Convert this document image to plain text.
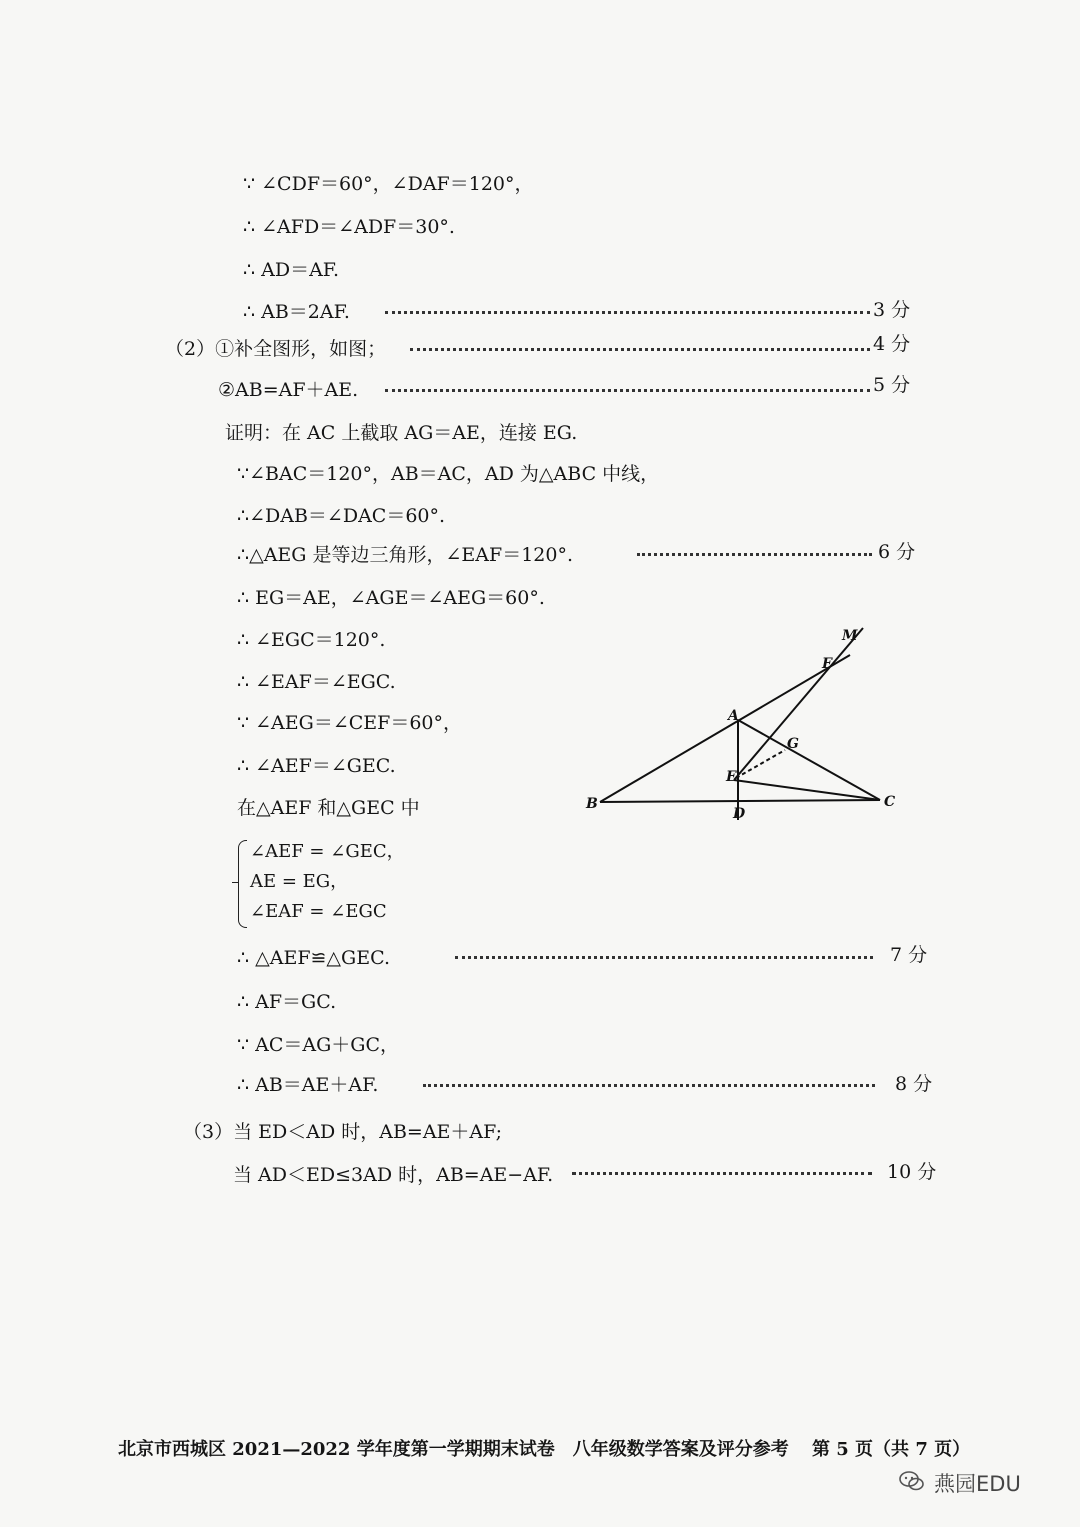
∵ ∠CDF＝60°，∠DAF＝120°，
∴ ∠AFD＝∠ADF＝30°.
∴ AD＝AF.
∴ AB＝2AF.
（2）①补全图形，如图；
②AB=AF＋AE.
证明：在 AC 上截取 AG＝AE，连接 EG.
∵∠BAC＝120°，AB＝AC，AD 为△ABC 中线，
∴∠DAB＝∠DAC＝60°.
∴△AEG 是等边三角形，∠EAF＝120°.
∴ EG＝AE，∠AGE＝∠AEG＝60°.
∴ ∠EGC＝120°.
∴ ∠EAF＝∠EGC.
∵ ∠AEG＝∠CEF＝60°，
∴ ∠AEF＝∠GEC.
在△AEF 和△GEC 中
∠AEF = ∠GEC，
AE = EG，
∠EAF = ∠EGC
∴ △AEF≌△GEC.
∴ AF＝GC.
∵ AC＝AG＋GC，
∴ AB＝AE＋AF.
（3）当 ED＜AD 时，AB=AE＋AF;
当 AD＜ED≤3AD 时，AB=AE−AF.
3 分
4 分
5 分
6 分
7 分
8 分
10 分
M
F
A
G
E
B
D
C
北京市西城区 2021—2022 学年度第一学期期末试卷　八年级数学答案及评分参考 第 5 页（共 7 页）
燕园EDU
